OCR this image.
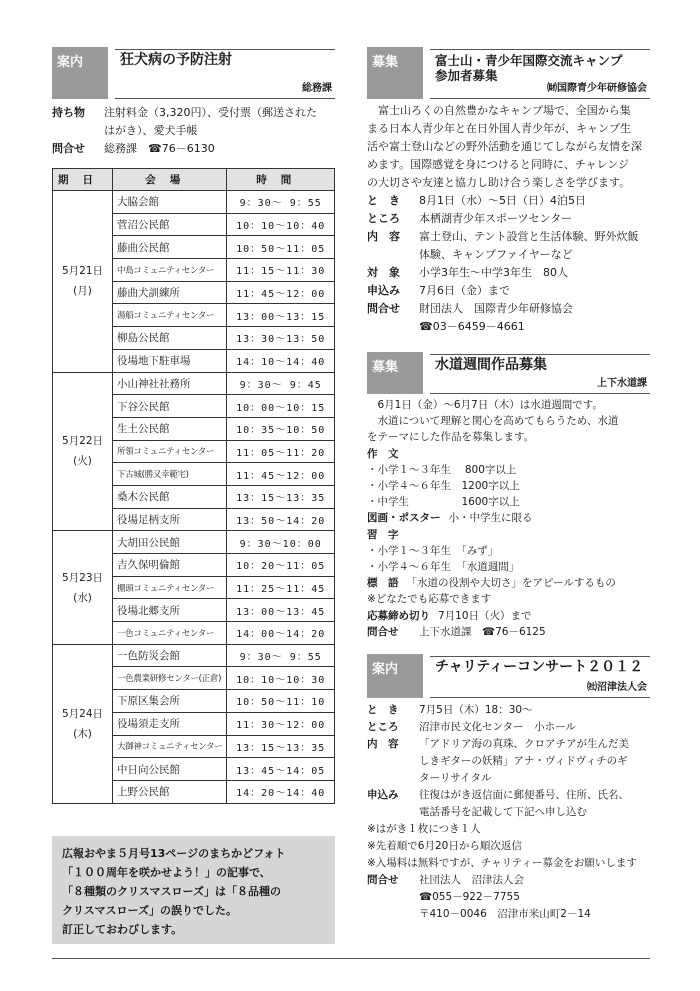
案内	狂犬病の予防注射
総務課
持ち物	注射料金（3,320円）、受付票（郵送された
はがき）、愛犬手帳
問合せ	総務課　☎76－6130
期日	会場	時間

5月21日
(月)	大脇会館	9：30～ 9：55
	菅沼公民館	10：10～10：40
	藤曲公民館	10：50～11：05
	中島コミュニティセンター	11：15～11：30
	藤曲犬訓練所	11：45～12：00
	湯船コミュニティセンター	13：00～13：15
	柳島公民館	13：30～13：50
	役場地下駐車場	14：10～14：40

5月22日
(火)	小山神社社務所	9：30～ 9：45
	下谷公民館	10：00～10：15
	生土公民館	10：35～10：50
	所領コミュニティセンター	11：05～11：20
	下古城(勝又幸範宅)	11：45～12：00
	桑木公民館	13：15～13：35
	役場足柄支所	13：50～14：20

5月23日
(水)	大胡田公民館	9：30～10：00
	吉久保明倫館	10：20～11：05
	棚頭コミュニティセンター	11：25～11：45
	役場北郷支所	13：00～13：45
	一色コミュニティセンター	14：00～14：20

5月24日
(木)	一色防災会館	9：30～ 9：55
	一色農業研修センター(正倉)	10：10～10：30
	下原区集会所	10：50～11：10
	役場須走支所	11：30～12：00
	大御神コミュニティセンター	13：15～13：35
	中日向公民館	13：45～14：05
	上野公民館	14：20～14：40
広報おやま５月号13ページのまちかどフォト
「１００周年を咲かせよう！」の記事で、
「８種類のクリスマスローズ」は「８品種の
クリスマスローズ」の誤りでした。
訂正しておわびします。
募集	富士山・青少年国際交流キャンプ
参加者募集
㈶国際青少年研修協会
富士山ろくの自然豊かなキャンプ場で、全国から集
まる日本人青少年と在日外国人青少年が、キャンプ生
活や富士登山などの野外活動を通じてしながら友情を深
めます。国際感覚を身につけると同時に、チャレンジ
の大切さや友達と協力し助け合う楽しさを学びます。
と　き	8月1日（水）～5日（日）4泊5日
ところ	本栖湖青少年スポーツセンター
内　容	富士登山、テント設営と生活体験、野外炊飯
体験、キャンプファイヤーなど
対　象	小学3年生～中学3年生　80人
申込み	7月6日（金）まで
問合せ	財団法人　国際青少年研修協会
☎03－6459－4661
募集	水道週間作品募集
上下水道課
6月1日（金）～6月7日（木）は水道週間です。
水道について理解と関心を高めてもらうため、水道
をテーマにした作品を募集します。
作　文
・小学１～３年生　 800字以上
・小学４～６年生　1200字以上
・中学生　　　　　1600字以上
図画・ポスター 小・中学生に限る
習　字
・小学１～３年生　「みず」
・小学４～６年生　「水道週間」
標　語 「水道の役割や大切さ」をアピールするもの
※どなたでも応募できます
応募締め切り 7月10日（火）まで
問合せ	上下水道課　☎76－6125
案内	チャリティーコンサート２０１２
㈳沼津法人会
と　き	7月5日（木）18：30～
ところ	沼津市民文化センター　小ホール
内　容	「アドリア海の真珠、クロアチアが生んだ美
しきギターの妖精」アナ・ヴィドヴィチのギ
ターリサイタル
申込み	往復はがき返信面に郵便番号、住所、氏名、
電話番号を記載して下記へ申し込む
※はがき１枚につき１人
※先着順で6月20日から順次返信
※入場料は無料ですが、チャリティー募金をお願いします
問合せ	社団法人　沼津法人会
☎055－922－7755
〒410－0046　沼津市米山町2－14
